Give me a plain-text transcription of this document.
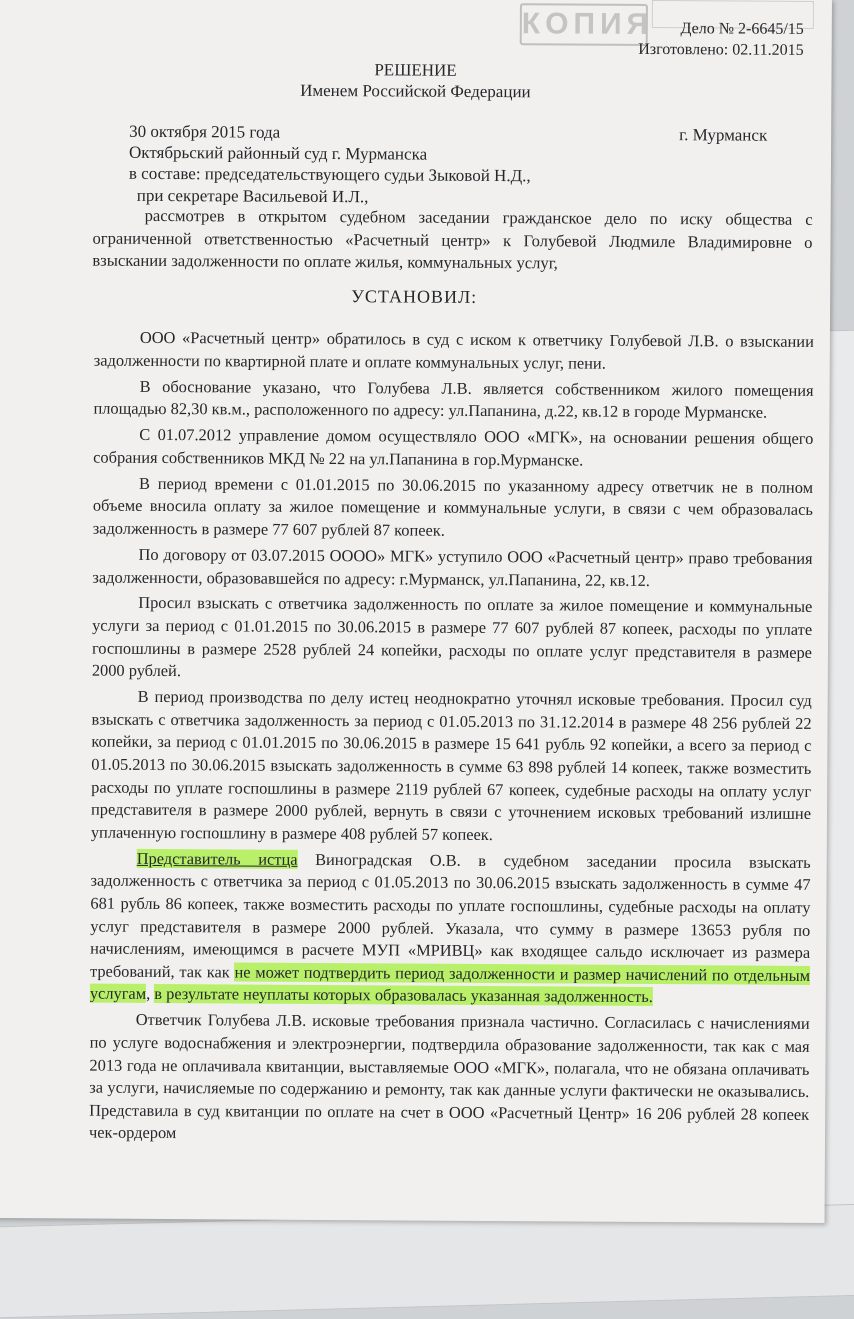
КОПИЯ	Дело № 2-6645/15
Изготовлено: 02.11.2015
РЕШЕНИЕ
Именем Российской Федерации
30 октября 2015 года	г. Мурманск
Октябрьский районный суд г. Мурманска
в составе: председательствующего судьи Зыковой Н.Д.,
при секретаре Васильевой И.Л.,
рассмотрев в открытом судебном заседании гражданское дело по иску общества с ограниченной ответственностью «Расчетный центр» к Голубевой Людмиле Владимировне о взыскании задолженности по оплате жилья, коммунальных услуг,
УСТАНОВИЛ:

ООО «Расчетный центр» обратилось в суд с иском к ответчику Голубевой Л.В. о взыскании задолженности по квартирной плате и оплате коммунальных услуг, пени.

В обоснование указано, что Голубева Л.В. является собственником жилого помещения площадью 82,30 кв.м., расположенного по адресу: ул.Папанина, д.22, кв.12 в городе Мурманске.

С 01.07.2012 управление домом осуществляло ООО «МГК», на основании решения общего собрания собственников МКД № 22 на ул.Папанина в гор.Мурманске.

В период времени с 01.01.2015 по 30.06.2015 по указанному адресу ответчик не в полном объеме вносила оплату за жилое помещение и коммунальные услуги, в связи с чем образовалась задолженность в размере 77 607 рублей 87 копеек.

По договору от 03.07.2015 ОООО» МГК» уступило ООО «Расчетный центр» право требования задолженности, образовавшейся по адресу: г.Мурманск, ул.Папанина, 22, кв.12.

Просил взыскать с ответчика задолженность по оплате за жилое помещение и коммунальные услуги за период с 01.01.2015 по 30.06.2015 в размере 77 607 рублей 87 копеек, расходы по уплате госпошлины в размере 2528 рублей 24 копейки, расходы по оплате услуг представителя в размере 2000 рублей.

В период производства по делу истец неоднократно уточнял исковые требования. Просил суд взыскать с ответчика задолженность за период с 01.05.2013 по 31.12.2014 в размере 48 256 рублей 22 копейки, за период с 01.01.2015 по 30.06.2015 в размере 15 641 рубль 92 копейки, а всего за период с 01.05.2013 по 30.06.2015 взыскать задолженность в сумме 63 898 рублей 14 копеек, также возместить расходы по уплате госпошлины в размере 2119 рублей 67 копеек, судебные расходы на оплату услуг представителя в размере 2000 рублей, вернуть в связи с уточнением исковых требований излишне уплаченную госпошлину в размере 408 рублей 57 копеек.

Представитель истца Виноградская О.В. в судебном заседании просила взыскать задолженность с ответчика за период с 01.05.2013 по 30.06.2015 взыскать задолженность в сумме 47 681 рубль 86 копеек, также возместить расходы по уплате госпошлины, судебные расходы на оплату услуг представителя в размере 2000 рублей. Указала, что сумму в размере 13653 рубля по начислениям, имеющимся в расчете МУП «МРИВЦ» как входящее сальдо исключает из размера требований, так как не может подтвердить период задолженности и размер начислений по отдельным услугам, в результате неуплаты которых образовалась указанная задолженность.

Ответчик Голубева Л.В. исковые требования признала частично. Согласилась с начислениями по услуге водоснабжения и электроэнергии, подтвердила образование задолженности, так как с мая 2013 года не оплачивала квитанции, выставляемые ООО «МГК», полагала, что не обязана оплачивать за услуги, начисляемые по содержанию и ремонту, так как данные услуги фактически не оказывались. Представила в суд квитанции по оплате на счет в ООО «Расчетный Центр» 16 206 рублей 28 копеек чек-ордером
